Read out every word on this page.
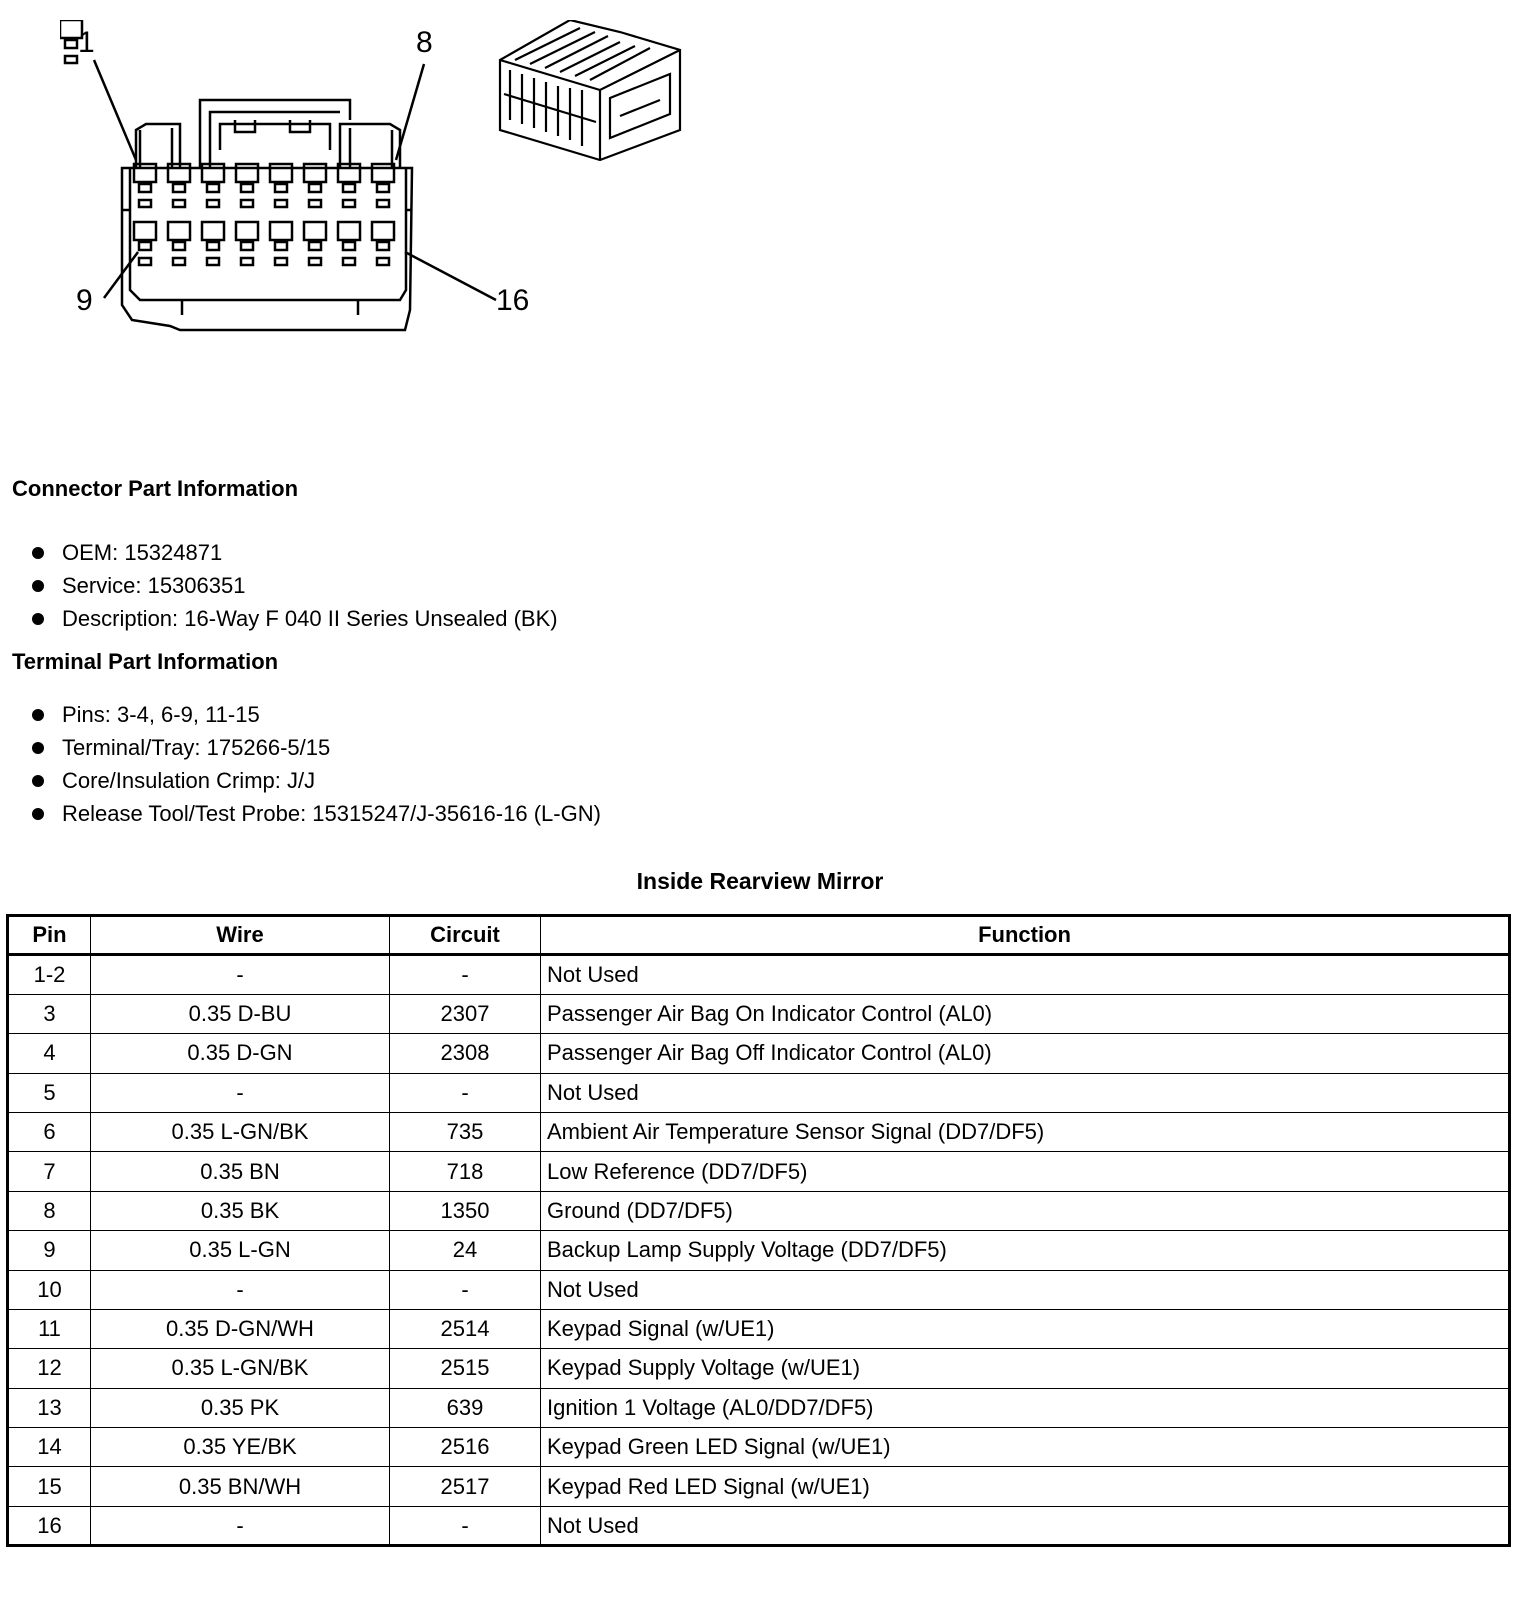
1	8
9	16
Connector Part Information
OEM: 15324871
Service: 15306351
Description: 16-Way F 040 II Series Unsealed (BK)
Terminal Part Information
Pins: 3-4, 6-9, 11-15
Terminal/Tray: 175266-5/15
Core/Insulation Crimp: J/J
Release Tool/Test Probe: 15315247/J-35616-16 (L-GN)
Inside Rearview Mirror
Pin	Wire	Circuit	Function
1-2	-	-	Not Used
3	0.35 D-BU	2307	Passenger Air Bag On Indicator Control (AL0)
4	0.35 D-GN	2308	Passenger Air Bag Off Indicator Control (AL0)
5	-	-	Not Used
6	0.35 L-GN/BK	735	Ambient Air Temperature Sensor Signal (DD7/DF5)
7	0.35 BN	718	Low Reference (DD7/DF5)
8	0.35 BK	1350	Ground (DD7/DF5)
9	0.35 L-GN	24	Backup Lamp Supply Voltage (DD7/DF5)
10	-	-	Not Used
11	0.35 D-GN/WH	2514	Keypad Signal (w/UE1)
12	0.35 L-GN/BK	2515	Keypad Supply Voltage (w/UE1)
13	0.35 PK	639	Ignition 1 Voltage (AL0/DD7/DF5)
14	0.35 YE/BK	2516	Keypad Green LED Signal (w/UE1)
15	0.35 BN/WH	2517	Keypad Red LED Signal (w/UE1)
16	-	-	Not Used
